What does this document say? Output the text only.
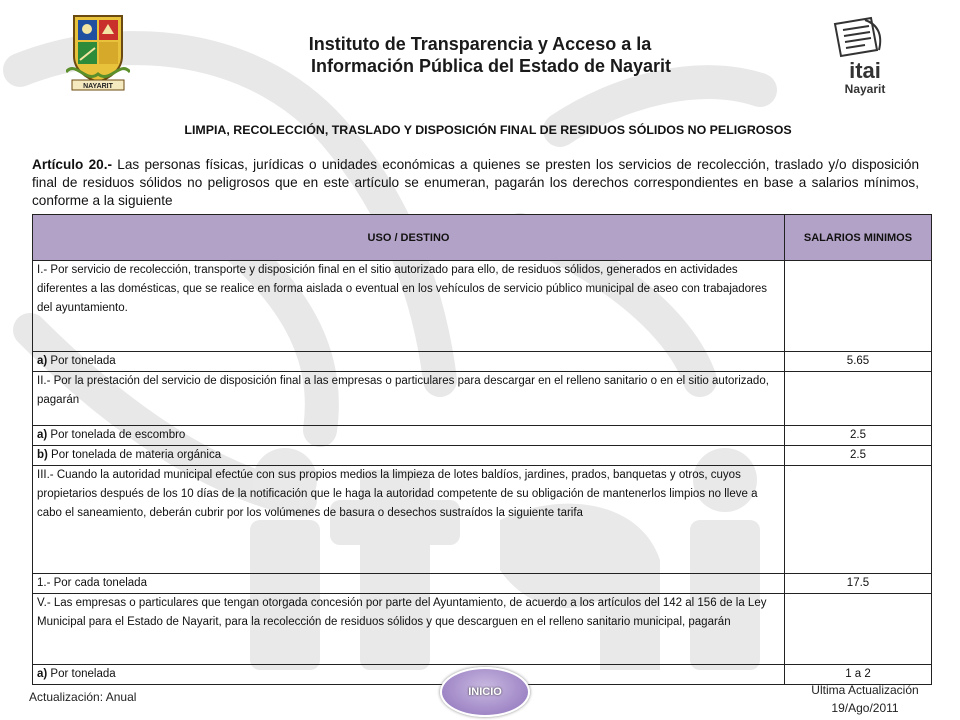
NAYARIT
itai
Nayarit
Instituto de Transparencia y Acceso a la
Información Pública del Estado de Nayarit
LIMPIA, RECOLECCIÓN, TRASLADO Y DISPOSICIÓN FINAL DE RESIDUOS SÓLIDOS NO PELIGROSOS
Artículo 20.- Las personas físicas, jurídicas o unidades económicas a quienes se presten los servicios de recolección, traslado y/o disposición final de residuos sólidos no peligrosos que en este artículo se enumeran, pagarán los derechos correspondientes en base a salarios mínimos, conforme a la siguiente
USO / DESTINO	SALARIOS MINIMOS
I.- Por servicio de recolección, transporte y disposición final en el sitio autorizado para ello, de residuos sólidos, generados en actividades diferentes a las domésticas, que se realice en forma aislada o eventual en los vehículos de servicio público municipal de aseo con trabajadores del ayuntamiento.	
a) Por tonelada	5.65
II.- Por la prestación del servicio de disposición final a las empresas o particulares para descargar en el relleno sanitario o en el sitio autorizado, pagarán	
a) Por tonelada de escombro	2.5
b) Por tonelada de materia orgánica	2.5
III.- Cuando la autoridad municipal efectúe con sus propios medios la limpieza de lotes baldíos, jardines, prados, banquetas y otros, cuyos propietarios después de los 10 días de la notificación que le haga la autoridad competente de su obligación de mantenerlos limpios no lleve a cabo el saneamiento, deberán cubrir por los volúmenes de basura o desechos sustraídos la siguiente tarifa	
1.- Por cada tonelada	17.5
V.- Las empresas o particulares que tengan otorgada concesión por parte del Ayuntamiento, de acuerdo a los artículos del 142 al 156 de la Ley Municipal para el Estado de Nayarit, para la recolección de residuos sólidos y que descarguen en el relleno sanitario municipal, pagarán	
a) Por tonelada	1 a 2
Actualización: Anual	INICIO	Ultima Actualización
19/Ago/2011
